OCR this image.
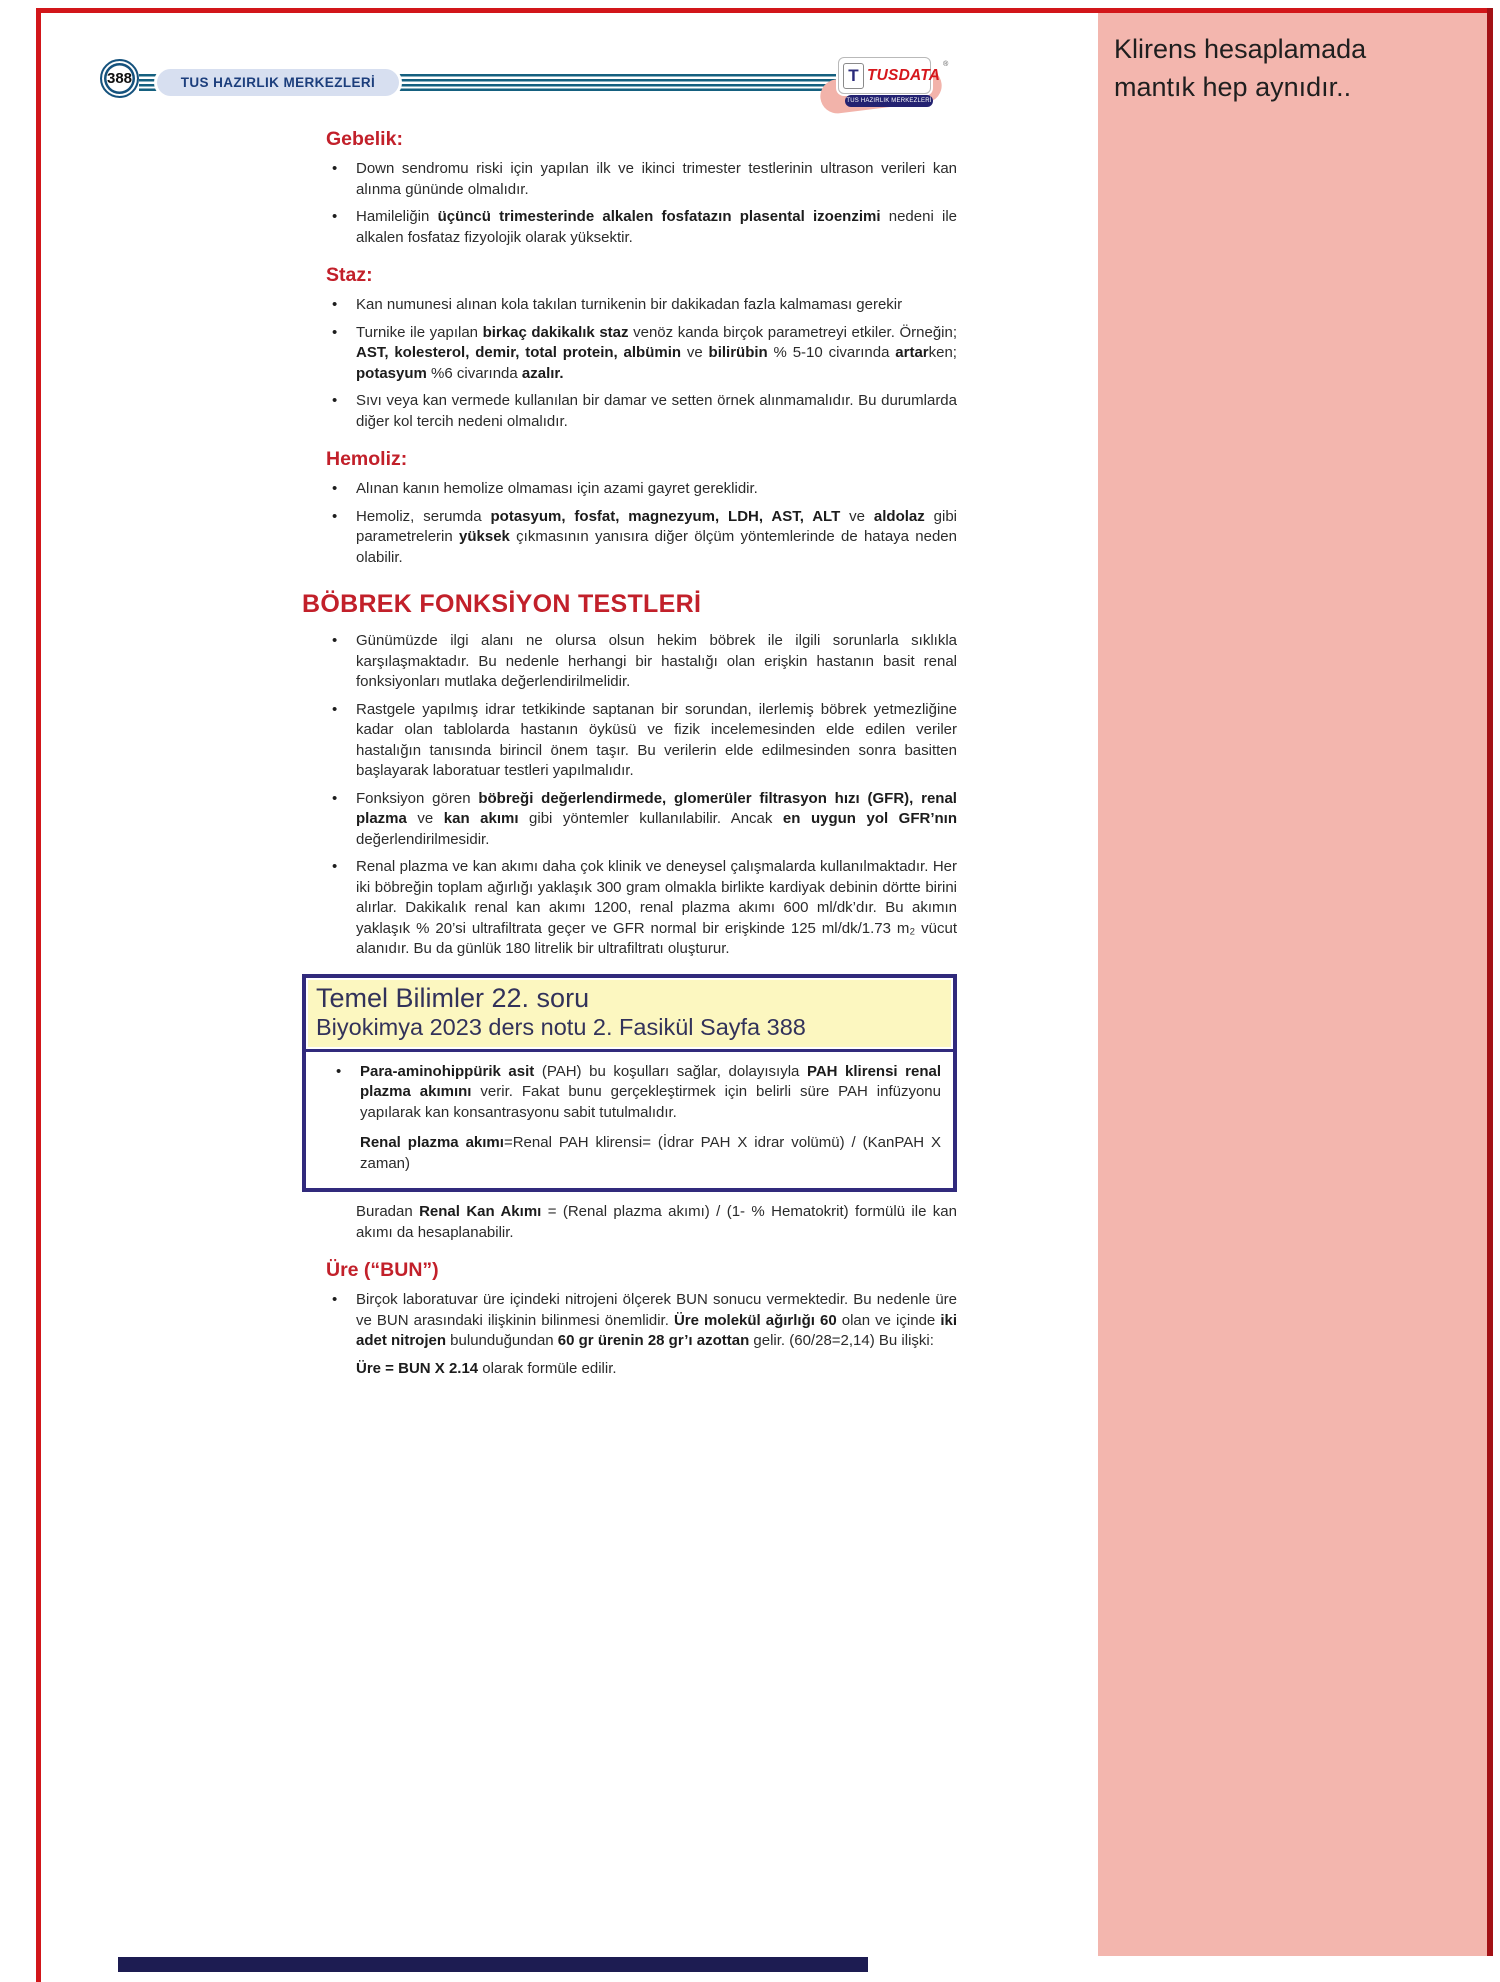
Klirens hesaplamada mantık hep aynıdır..
388	TUS HAZIRLIK MERKEZLERİ	T TUSDATA
®
TUS HAZIRLIK MERKEZLERİ
Gebelik:
•	Down sendromu riski için yapılan ilk ve ikinci trimester testlerinin ultrason verileri kan alınma gününde olmalıdır.
•	Hamileliğin üçüncü trimesterinde alkalen fosfatazın plasental izoenzimi nedeni ile alkalen fosfataz fizyolojik olarak yüksektir.
Staz:
•	Kan numunesi alınan kola takılan turnikenin bir dakikadan fazla kalmaması gerekir
•	Turnike ile yapılan birkaç dakikalık staz venöz kanda birçok parametreyi etkiler. Örneğin; AST, kolesterol, demir, total protein, albümin ve bilirübin % 5-10 civarında artarken; potasyum %6 civarında azalır.
•	Sıvı veya kan vermede kullanılan bir damar ve setten örnek alınmamalıdır. Bu durumlarda diğer kol tercih nedeni olmalıdır.
Hemoliz:
•	Alınan kanın hemolize olmaması için azami gayret gereklidir.
•	Hemoliz, serumda potasyum, fosfat, magnezyum, LDH, AST, ALT ve aldolaz gibi parametrelerin yüksek çıkmasının yanısıra diğer ölçüm yöntemlerinde de hataya neden olabilir.
BÖBREK FONKSİYON TESTLERİ
•	Günümüzde ilgi alanı ne olursa olsun hekim böbrek ile ilgili sorunlarla sıklıkla karşılaşmaktadır. Bu nedenle herhangi bir hastalığı olan erişkin hastanın basit renal fonksiyonları mutlaka değerlendirilmelidir.
•	Rastgele yapılmış idrar tetkikinde saptanan bir sorundan, ilerlemiş böbrek yetmezliğine kadar olan tablolarda hastanın öyküsü ve fizik incelemesinden elde edilen veriler hastalığın tanısında birincil önem taşır. Bu verilerin elde edilmesinden sonra basitten başlayarak laboratuar testleri yapılmalıdır.
•	Fonksiyon gören böbreği değerlendirmede, glomerüler filtrasyon hızı (GFR), renal plazma ve kan akımı gibi yöntemler kullanılabilir. Ancak en uygun yol GFR’nın değerlendirilmesidir.
•	Renal plazma ve kan akımı daha çok klinik ve deneysel çalışmalarda kullanılmaktadır. Her iki böbreğin toplam ağırlığı yaklaşık 300 gram olmakla birlikte kardiyak debinin dörtte birini alırlar. Dakikalık renal kan akımı 1200, renal plazma akımı 600 ml/dk’dır. Bu akımın yaklaşık % 20’si ultrafiltrata geçer ve GFR normal bir erişkinde 125 ml/dk/1.73 m₂ vücut alanıdır. Bu da günlük 180 litrelik bir ultrafiltratı oluşturur.
Temel Bilimler 22. soru
Biyokimya 2023 ders notu 2. Fasikül Sayfa 388
•	Para-aminohippürik asit (PAH) bu koşulları sağlar, dolayısıyla PAH klirensi renal plazma akımını verir. Fakat bunu gerçekleştirmek için belirli süre PAH infüzyonu yapılarak kan konsantrasyonu sabit tutulmalıdır.
Renal plazma akımı=Renal PAH klirensi= (İdrar PAH X idrar volümü) / (KanPAH X zaman)
Buradan Renal Kan Akımı = (Renal plazma akımı) / (1- % Hematokrit) formülü ile kan akımı da hesaplanabilir.
Üre (“BUN”)
•	Birçok laboratuvar üre içindeki nitrojeni ölçerek BUN sonucu vermektedir. Bu nedenle üre ve BUN arasındaki ilişkinin bilinmesi önemlidir. Üre molekül ağırlığı 60 olan ve içinde iki adet nitrojen bulunduğundan 60 gr ürenin 28 gr’ı azottan gelir. (60/28=2,14) Bu ilişki:
Üre = BUN X 2.14 olarak formüle edilir.
